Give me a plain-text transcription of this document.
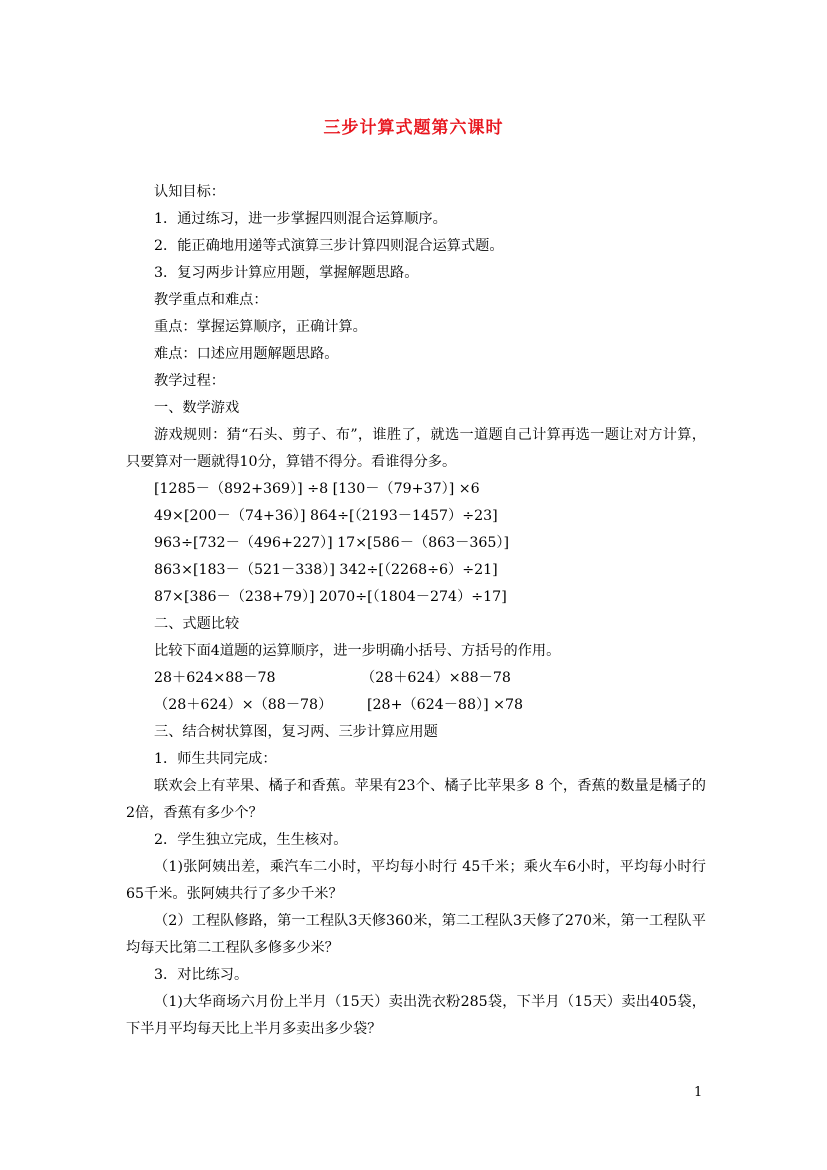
三步计算式题第六课时
认知目标：
1．通过练习，进一步掌握四则混合运算顺序。
2．能正确地用递等式演算三步计算四则混合运算式题。
3．复习两步计算应用题，掌握解题思路。
教学重点和难点：
重点：掌握运算顺序，正确计算。
难点：口述应用题解题思路。
教学过程：
一、数学游戏
游戏规则：猜“石头、剪子、布”，谁胜了，就选一道题自己计算再选一题让对方计算，只要算对一题就得10分，算错不得分。看谁得分多。
[1285－（892+369）] ÷8 [130－（79+37）] ×6
49×[200－（74+36）] 864÷[（2193－1457）÷23]
963÷[732－（496+227）] 17×[586－（863－365）]
863×[183－（521－338）] 342÷[（2268÷6）÷21]
87×[386－（238+79）] 2070÷[（1804－274）÷17]
二、式题比较
比较下面4道题的运算顺序，进一步明确小括号、方括号的作用。
28＋624×88－78	（28＋624）×88－78
（28＋624）×（88－78）	[28+（624－88）] ×78
三、结合树状算图，复习两、三步计算应用题
1．师生共同完成：
联欢会上有苹果、橘子和香蕉。苹果有23个、橘子比苹果多 8 个，香蕉的数量是橘子的2倍，香蕉有多少个？
2．学生独立完成，生生核对。
（1)张阿姨出差，乘汽车二小时，平均每小时行 45千米；乘火车6小时，平均每小时行65千米。张阿姨共行了多少千米？
（2）工程队修路，第一工程队3天修360米，第二工程队3天修了270米，第一工程队平均每天比第二工程队多修多少米？
3．对比练习。
（1)大华商场六月份上半月（15天）卖出洗衣粉285袋，下半月（15天）卖出405袋，下半月平均每天比上半月多卖出多少袋？
1
